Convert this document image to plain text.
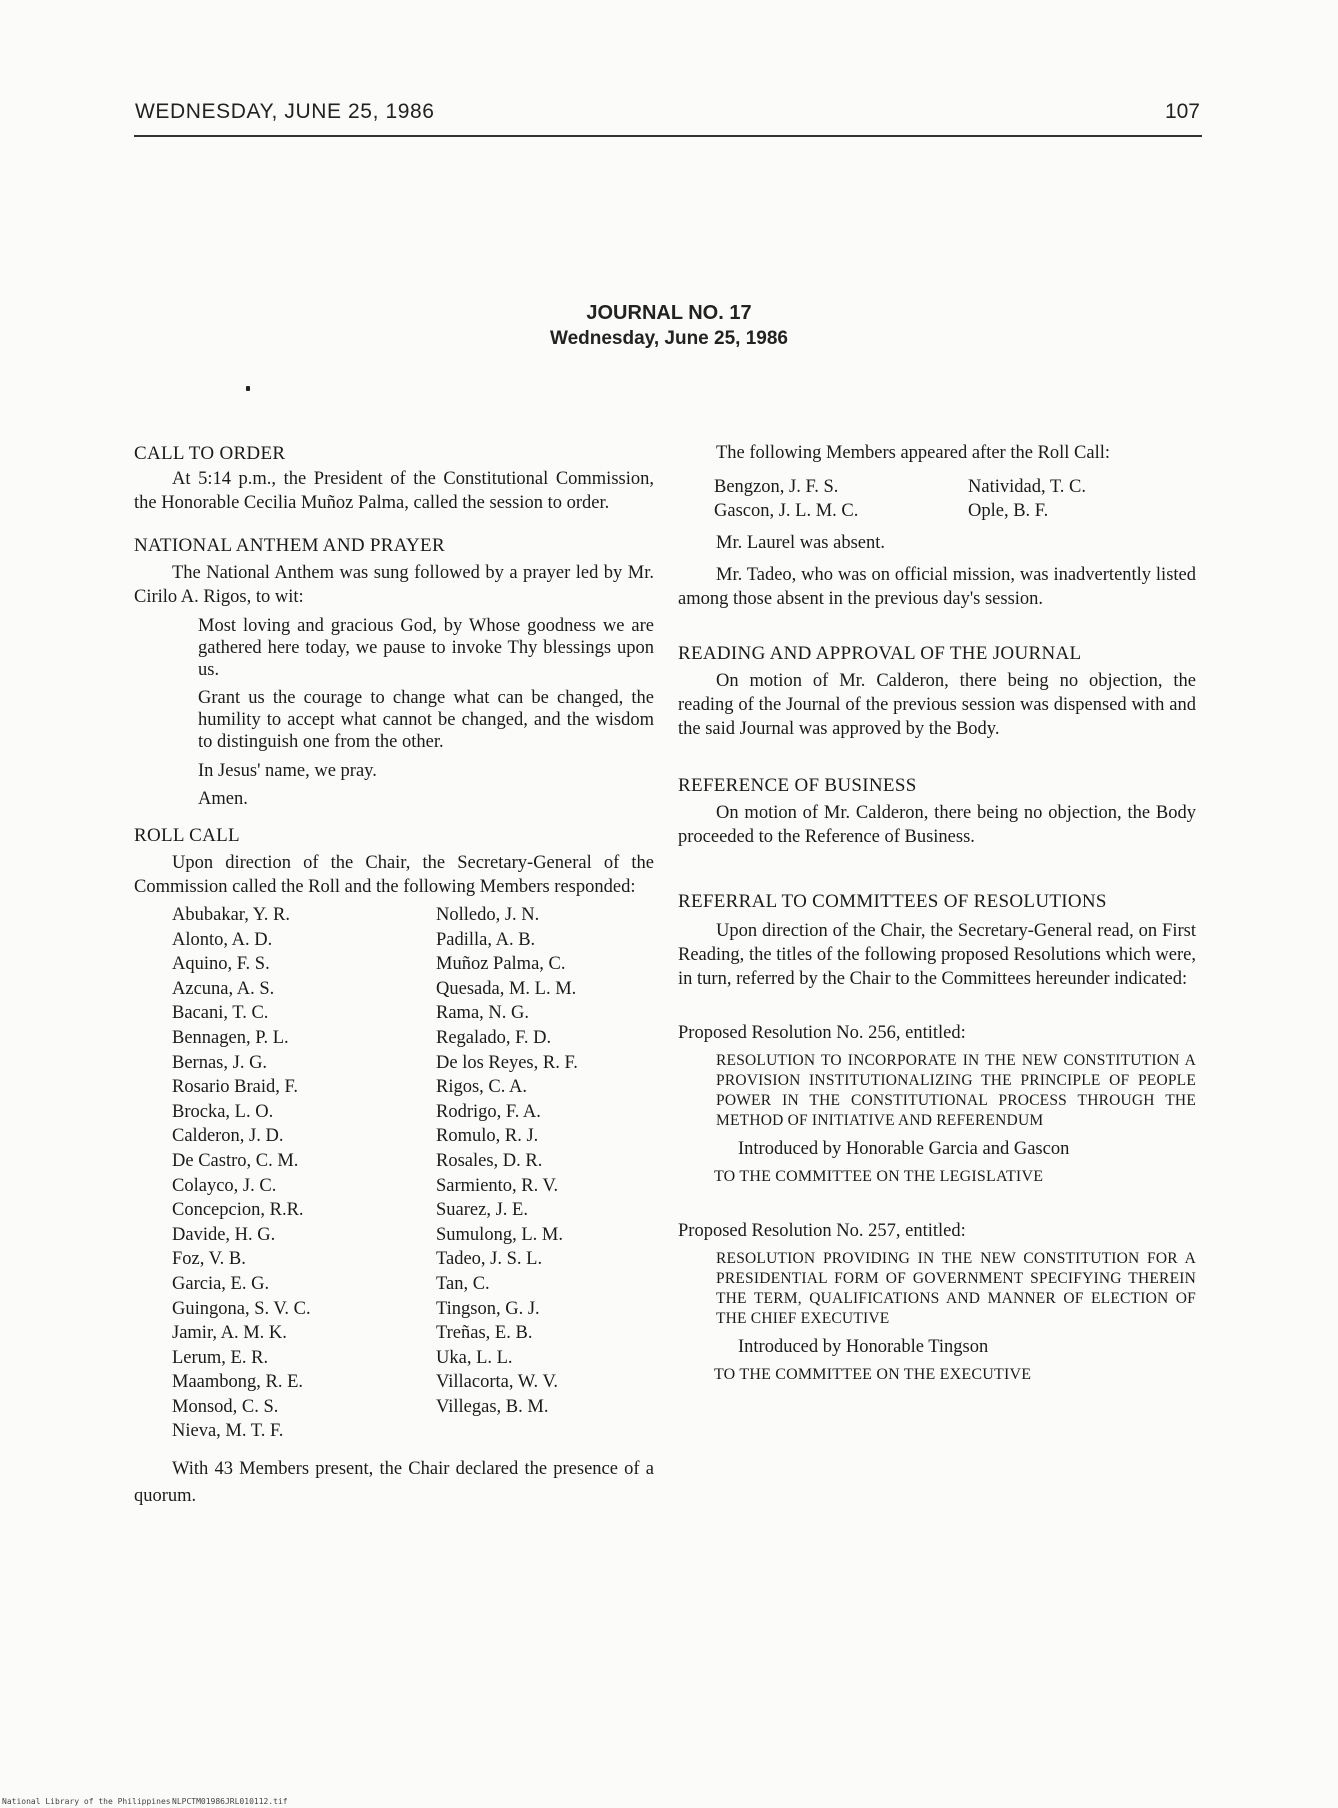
WEDNESDAY, JUNE 25, 1986	107
JOURNAL NO. 17
Wednesday, June 25, 1986
CALL TO ORDER

At 5:14 p.m., the President of the Constitutional Commission, the Honorable Cecilia Muñoz Palma, called the session to order.

NATIONAL ANTHEM AND PRAYER

The National Anthem was sung followed by a prayer led by Mr. Cirilo A. Rigos, to wit:

Most loving and gracious God, by Whose goodness we are gathered here today, we pause to invoke Thy blessings upon us.

Grant us the courage to change what can be changed, the humility to accept what cannot be changed, and the wisdom to distinguish one from the other.

In Jesus' name, we pray.

Amen.

ROLL CALL

Upon direction of the Chair, the Secretary-General of the Commission called the Roll and the following Members responded:

Abubakar, Y. R.
Alonto, A. D.
Aquino, F. S.
Azcuna, A. S.
Bacani, T. C.
Bennagen, P. L.
Bernas, J. G.
Rosario Braid, F.
Brocka, L. O.
Calderon, J. D.
De Castro, C. M.
Colayco, J. C.
Concepcion, R.R.
Davide, H. G.
Foz, V. B.
Garcia, E. G.
Guingona, S. V. C.
Jamir, A. M. K.
Lerum, E. R.
Maambong, R. E.
Monsod, C. S.
Nieva, M. T. F.
Nolledo, J. N.
Padilla, A. B.
Muñoz Palma, C.
Quesada, M. L. M.
Rama, N. G.
Regalado, F. D.
De los Reyes, R. F.
Rigos, C. A.
Rodrigo, F. A.
Romulo, R. J.
Rosales, D. R.
Sarmiento, R. V.
Suarez, J. E.
Sumulong, L. M.
Tadeo, J. S. L.
Tan, C.
Tingson, G. J.
Treñas, E. B.
Uka, L. L.
Villacorta, W. V.
Villegas, B. M.

With 43 Members present, the Chair declared the presence of a quorum.

The following Members appeared after the Roll Call:

Bengzon, J. F. S.
Gascon, J. L. M. C.
Natividad, T. C.
Ople, B. F.

Mr. Laurel was absent.

Mr. Tadeo, who was on official mission, was inadvertently listed among those absent in the previous day's session.

READING AND APPROVAL OF THE JOURNAL

On motion of Mr. Calderon, there being no objection, the reading of the Journal of the previous session was dispensed with and the said Journal was approved by the Body.

REFERENCE OF BUSINESS

On motion of Mr. Calderon, there being no objection, the Body proceeded to the Reference of Business.

REFERRAL TO COMMITTEES OF RESOLUTIONS

Upon direction of the Chair, the Secretary-General read, on First Reading, the titles of the following proposed Resolutions which were, in turn, referred by the Chair to the Committees hereunder indicated:

Proposed Resolution No. 256, entitled:

RESOLUTION TO INCORPORATE IN THE NEW CONSTITUTION A PROVISION INSTITUTIONALIZING THE PRINCIPLE OF PEOPLE POWER IN THE CONSTITUTIONAL PROCESS THROUGH THE METHOD OF INITIATIVE AND REFERENDUM

Introduced by Honorable Garcia and Gascon

TO THE COMMITTEE ON THE LEGISLATIVE

Proposed Resolution No. 257, entitled:

RESOLUTION PROVIDING IN THE NEW CONSTITUTION FOR A PRESIDENTIAL FORM OF GOVERNMENT SPECIFYING THEREIN THE TERM, QUALIFICATIONS AND MANNER OF ELECTION OF THE CHIEF EXECUTIVE

Introduced by Honorable Tingson

TO THE COMMITTEE ON THE EXECUTIVE

National Library of the Philippines NLPCTM01986JRL010112.tif
